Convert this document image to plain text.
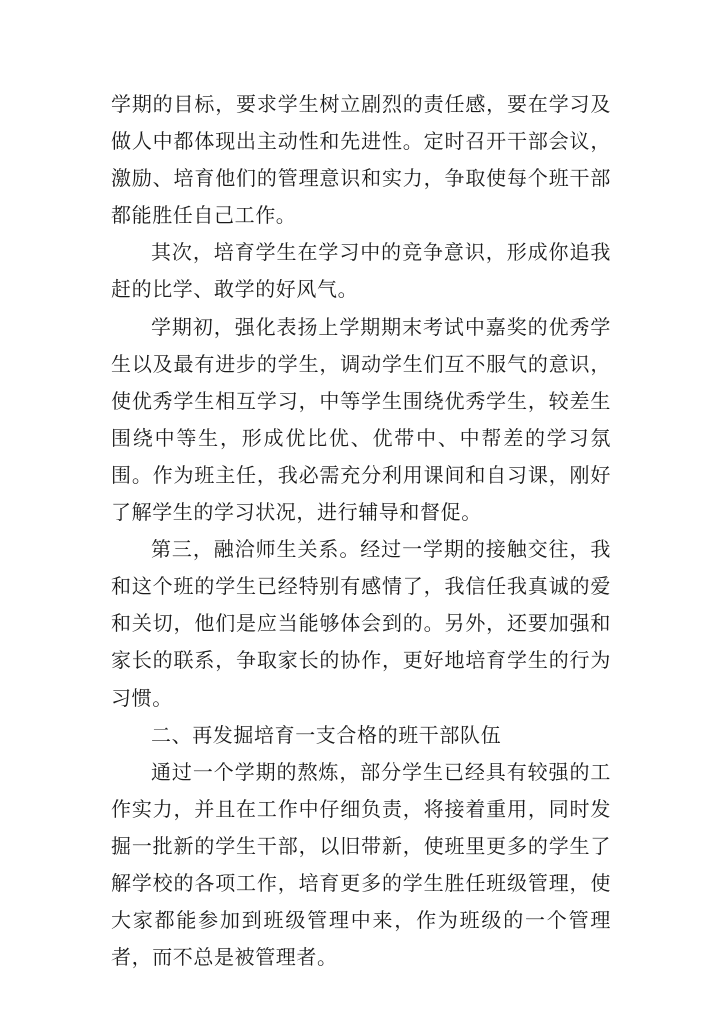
学期的目标，要求学生树立剧烈的责任感，要在学习及做人中都体现出主动性和先进性。定时召开干部会议，激励、培育他们的管理意识和实力，争取使每个班干部都能胜任自己工作。

其次，培育学生在学习中的竞争意识，形成你追我赶的比学、敢学的好风气。

学期初，强化表扬上学期期末考试中嘉奖的优秀学生以及最有进步的学生，调动学生们互不服气的意识，使优秀学生相互学习，中等学生围绕优秀学生，较差生围绕中等生，形成优比优、优带中、中帮差的学习氛围。作为班主任，我必需充分利用课间和自习课，刚好了解学生的学习状况，进行辅导和督促。

第三，融洽师生关系。经过一学期的接触交往，我和这个班的学生已经特别有感情了，我信任我真诚的爱和关切，他们是应当能够体会到的。另外，还要加强和家长的联系，争取家长的协作，更好地培育学生的行为习惯。

二、再发掘培育一支合格的班干部队伍

通过一个学期的熬炼，部分学生已经具有较强的工作实力，并且在工作中仔细负责，将接着重用，同时发掘一批新的学生干部，以旧带新，使班里更多的学生了解学校的各项工作，培育更多的学生胜任班级管理，使大家都能参加到班级管理中来，作为班级的一个管理者，而不总是被管理者。
